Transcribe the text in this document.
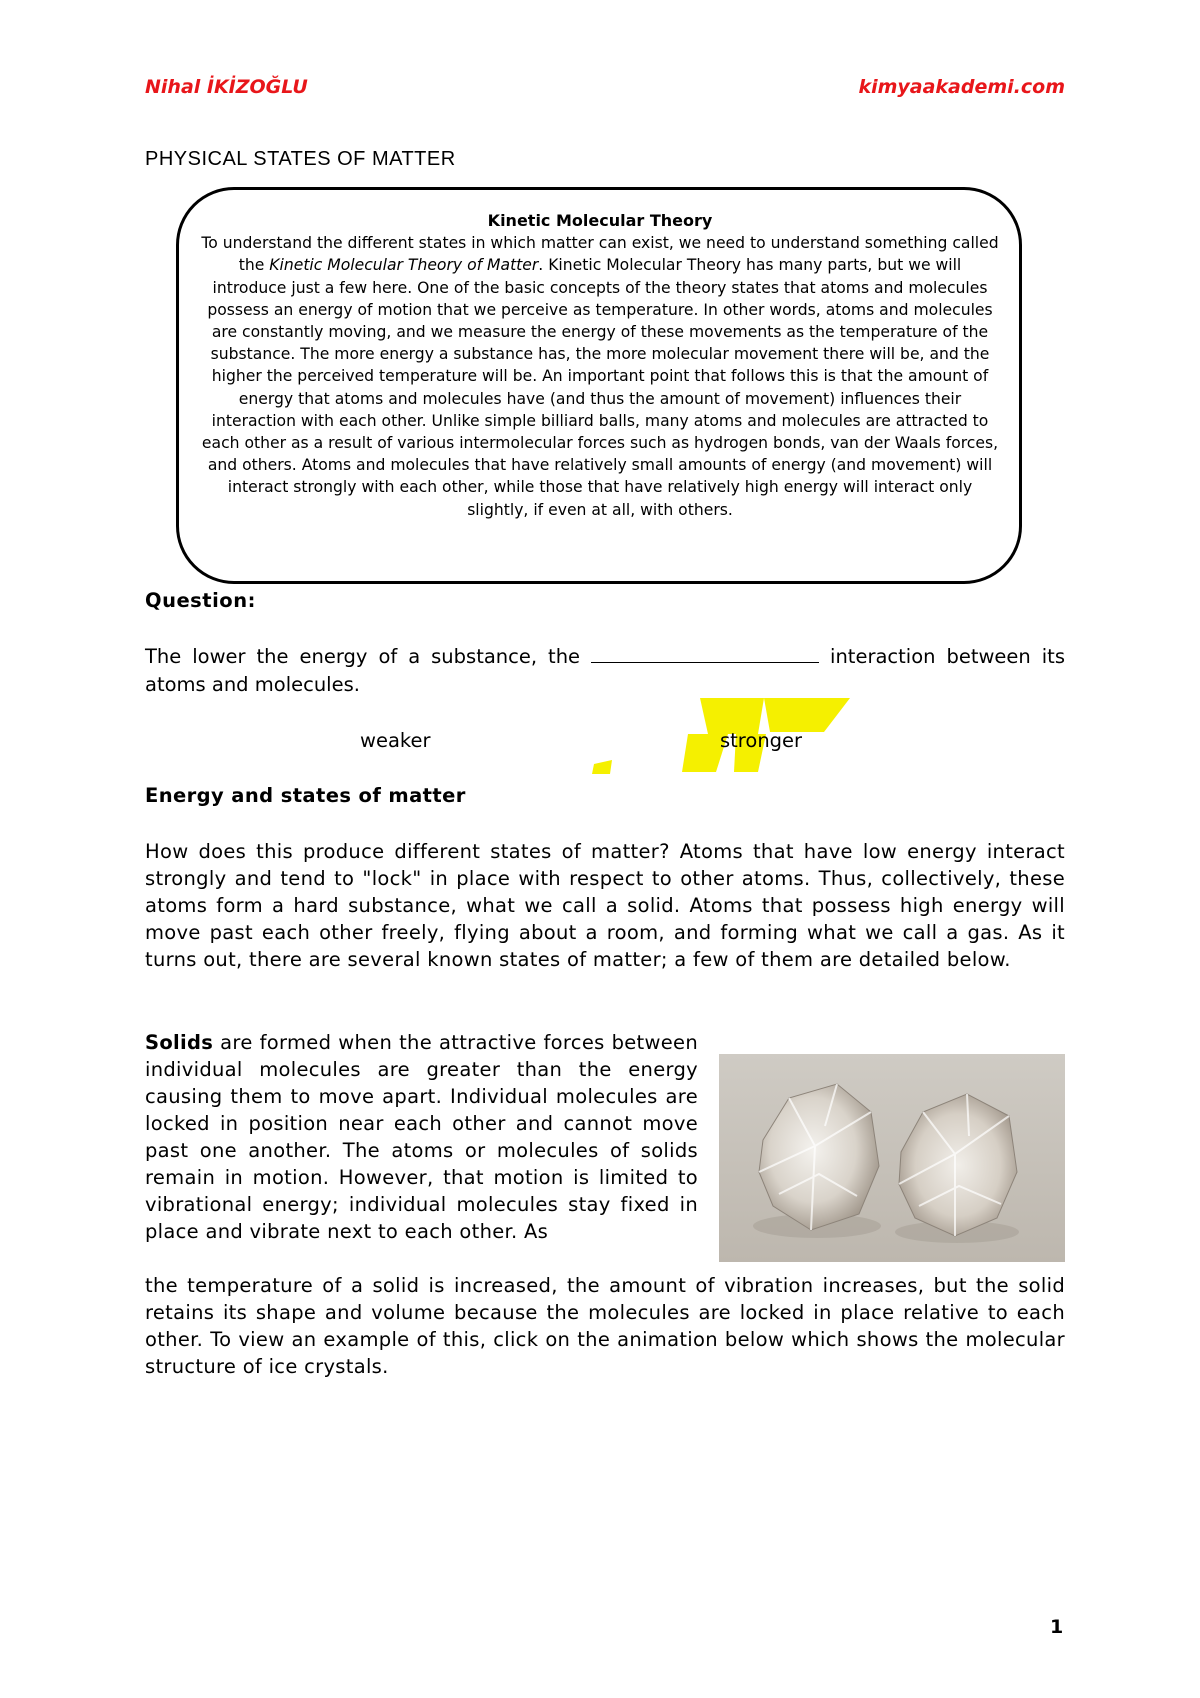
Nihal İKİZOĞLU	kimyaakademi.com
PHYSICAL STATES OF MATTER
Kinetic Molecular Theory
To understand the different states in which matter can exist, we need to understand something called the Kinetic Molecular Theory of Matter. Kinetic Molecular Theory has many parts, but we will introduce just a few here. One of the basic concepts of the theory states that atoms and molecules possess an energy of motion that we perceive as temperature. In other words, atoms and molecules are constantly moving, and we measure the energy of these movements as the temperature of the substance. The more energy a substance has, the more molecular movement there will be, and the higher the perceived temperature will be. An important point that follows this is that the amount of energy that atoms and molecules have (and thus the amount of movement) influences their interaction with each other. Unlike simple billiard balls, many atoms and molecules are attracted to each other as a result of various intermolecular forces such as hydrogen bonds, van der Waals forces, and others. Atoms and molecules that have relatively small amounts of energy (and movement) will interact strongly with each other, while those that have relatively high energy will interact only slightly, if even at all, with others.
Question:
The lower the energy of a substance, the	interaction between its atoms and molecules.
weaker	stronger
Energy and states of matter
How does this produce different states of matter? Atoms that have low energy interact strongly and tend to "lock" in place with respect to other atoms. Thus, collectively, these atoms form a hard substance, what we call a solid. Atoms that possess high energy will move past each other freely, flying about a room, and forming what we call a gas. As it turns out, there are several known states of matter; a few of them are detailed below.
Solids are formed when the attractive forces between individual molecules are greater than the energy causing them to move apart. Individual molecules are locked in position near each other and cannot move past one another. The atoms or molecules of solids remain in motion. However, that motion is limited to vibrational energy; individual molecules stay fixed in place and vibrate next to each other. As
the temperature of a solid is increased, the amount of vibration increases, but the solid retains its shape and volume because the molecules are locked in place relative to each other. To view an example of this, click on the animation below which shows the molecular structure of ice crystals.
1
